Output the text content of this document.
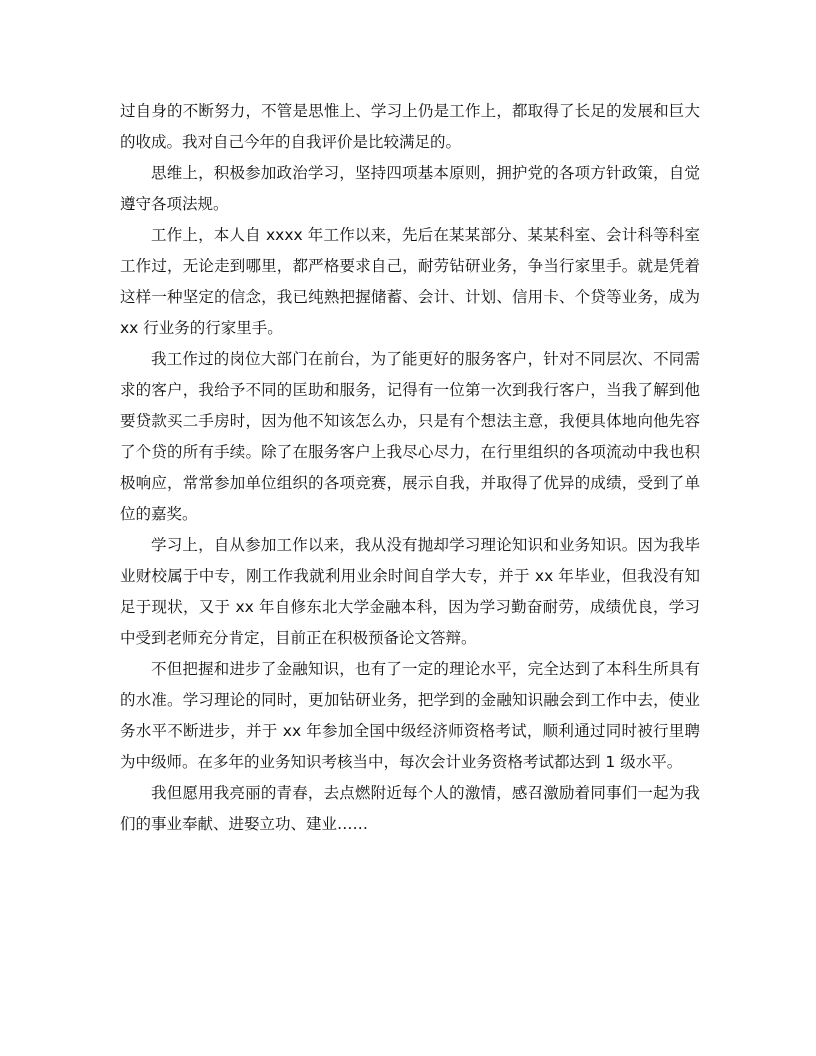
过自身的不断努力，不管是思惟上、学习上仍是工作上，都取得了长足的发展和巨大的收成。我对自己今年的自我评价是比较满足的。

思维上，积极参加政治学习，坚持四项基本原则，拥护党的各项方针政策，自觉遵守各项法规。

工作上，本人自 xxxx 年工作以来，先后在某某部分、某某科室、会计科等科室工作过，无论走到哪里，都严格要求自己，耐劳钻研业务，争当行家里手。就是凭着这样一种坚定的信念，我已纯熟把握储蓄、会计、计划、信用卡、个贷等业务，成为 xx 行业务的行家里手。

我工作过的岗位大部门在前台，为了能更好的服务客户，针对不同层次、不同需求的客户，我给予不同的匡助和服务，记得有一位第一次到我行客户，当我了解到他要贷款买二手房时，因为他不知该怎么办，只是有个想法主意，我便具体地向他先容了个贷的所有手续。除了在服务客户上我尽心尽力，在行里组织的各项流动中我也积极响应，常常参加单位组织的各项竞赛，展示自我，并取得了优异的成绩，受到了单位的嘉奖。

学习上，自从参加工作以来，我从没有抛却学习理论知识和业务知识。因为我毕业财校属于中专，刚工作我就利用业余时间自学大专，并于 xx 年毕业，但我没有知足于现状，又于 xx 年自修东北大学金融本科，因为学习勤奋耐劳，成绩优良，学习中受到老师充分肯定，目前正在积极预备论文答辩。

不但把握和进步了金融知识，也有了一定的理论水平，完全达到了本科生所具有的水准。学习理论的同时，更加钻研业务，把学到的金融知识融会到工作中去，使业务水平不断进步，并于 xx 年参加全国中级经济师资格考试，顺利通过同时被行里聘为中级师。在多年的业务知识考核当中，每次会计业务资格考试都达到 1 级水平。

我但愿用我亮丽的青春，去点燃附近每个人的激情，感召激励着同事们一起为我们的事业奉献、进娶立功、建业……
